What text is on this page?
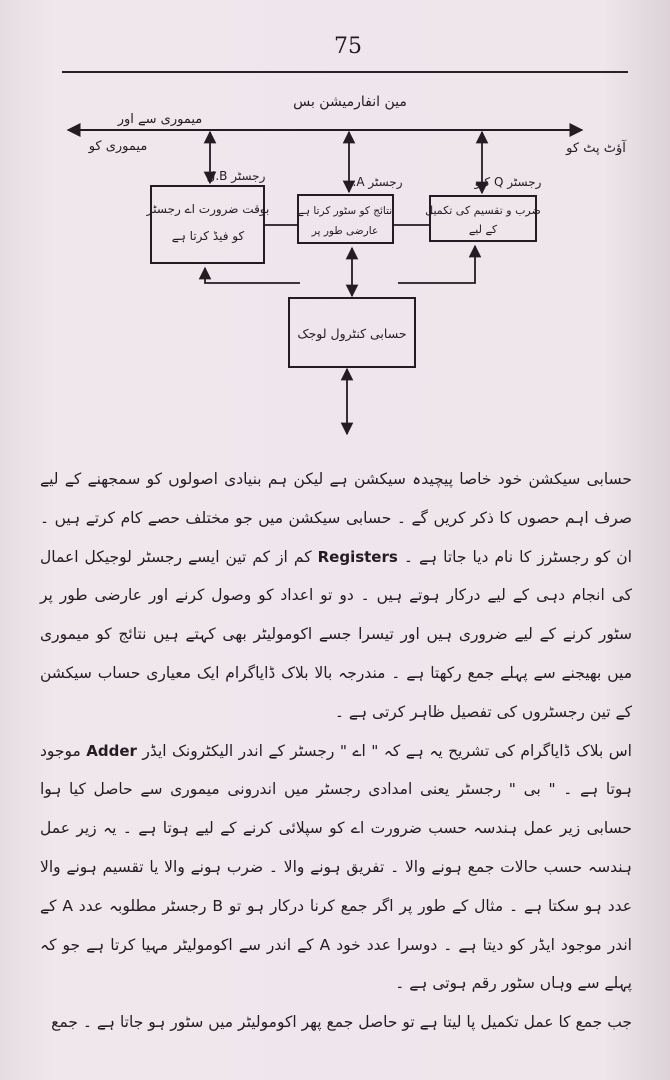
75
مین انفارمیشن بس
میموری سے اور
میموری کو	آؤٹ پٹ کو
رجسٹر B.ل	رجسٹر A.ے	رجسٹر Q کیو
بوقت ضرورت اے رجسٹر
کو فیڈ کرتا ہے
نتائج کو سٹور کرتا ہے
عارضی طور پر
ضرب و تقسیم کی تکمیل
کے لیے
حسابی کنٹرول لوجک

حسابی سیکشن خود خاصا پیچیدہ سیکشن ہے لیکن ہم بنیادی اصولوں کو سمجھنے کے لیے صرف اہم حصوں کا ذکر کریں گے ۔ حسابی سیکشن میں جو مختلف حصے کام کرتے ہیں ۔ ان کو رجسٹرز کا نام دیا جاتا ہے ۔ Registers کم از کم تین ایسے رجسٹر لوجیکل اعمال کی انجام دہی کے لیے درکار ہوتے ہیں ۔ دو تو اعداد کو وصول کرنے اور عارضی طور پر سٹور کرنے کے لیے ضروری ہیں اور تیسرا جسے اکومولیٹر بھی کہتے ہیں نتائج کو میموری میں بھیجنے سے پہلے جمع رکھتا ہے ۔ مندرجہ بالا بلاک ڈایاگرام ایک معیاری حساب سیکشن کے تین رجسٹروں کی تفصیل ظاہر کرتی ہے ۔

اس بلاک ڈایاگرام کی تشریح یہ ہے کہ " اے " رجسٹر کے اندر الیکٹرونک ایڈر Adder موجود ہوتا ہے ۔ " بی " رجسٹر یعنی امدادی رجسٹر میں اندرونی میموری سے حاصل کیا ہوا حسابی زیر عمل ہندسہ حسب ضرورت اے کو سپلائی کرنے کے لیے ہوتا ہے ۔ یہ زیر عمل ہندسہ حسب حالات جمع ہونے والا ۔ تفریق ہونے والا ۔ ضرب ہونے والا یا تقسیم ہونے والا عدد ہو سکتا ہے ۔ مثال کے طور پر اگر جمع کرنا درکار ہو تو B رجسٹر مطلوبہ عدد A کے اندر موجود ایڈر کو دیتا ہے ۔ دوسرا عدد خود A کے اندر سے اکومولیٹر مہیا کرتا ہے جو کہ پہلے سے وہاں سٹور رقم ہوتی ہے ۔

جب جمع کا عمل تکمیل پا لیتا ہے تو حاصل جمع پھر اکومولیٹر میں سٹور ہو جاتا ہے ۔ جمع
